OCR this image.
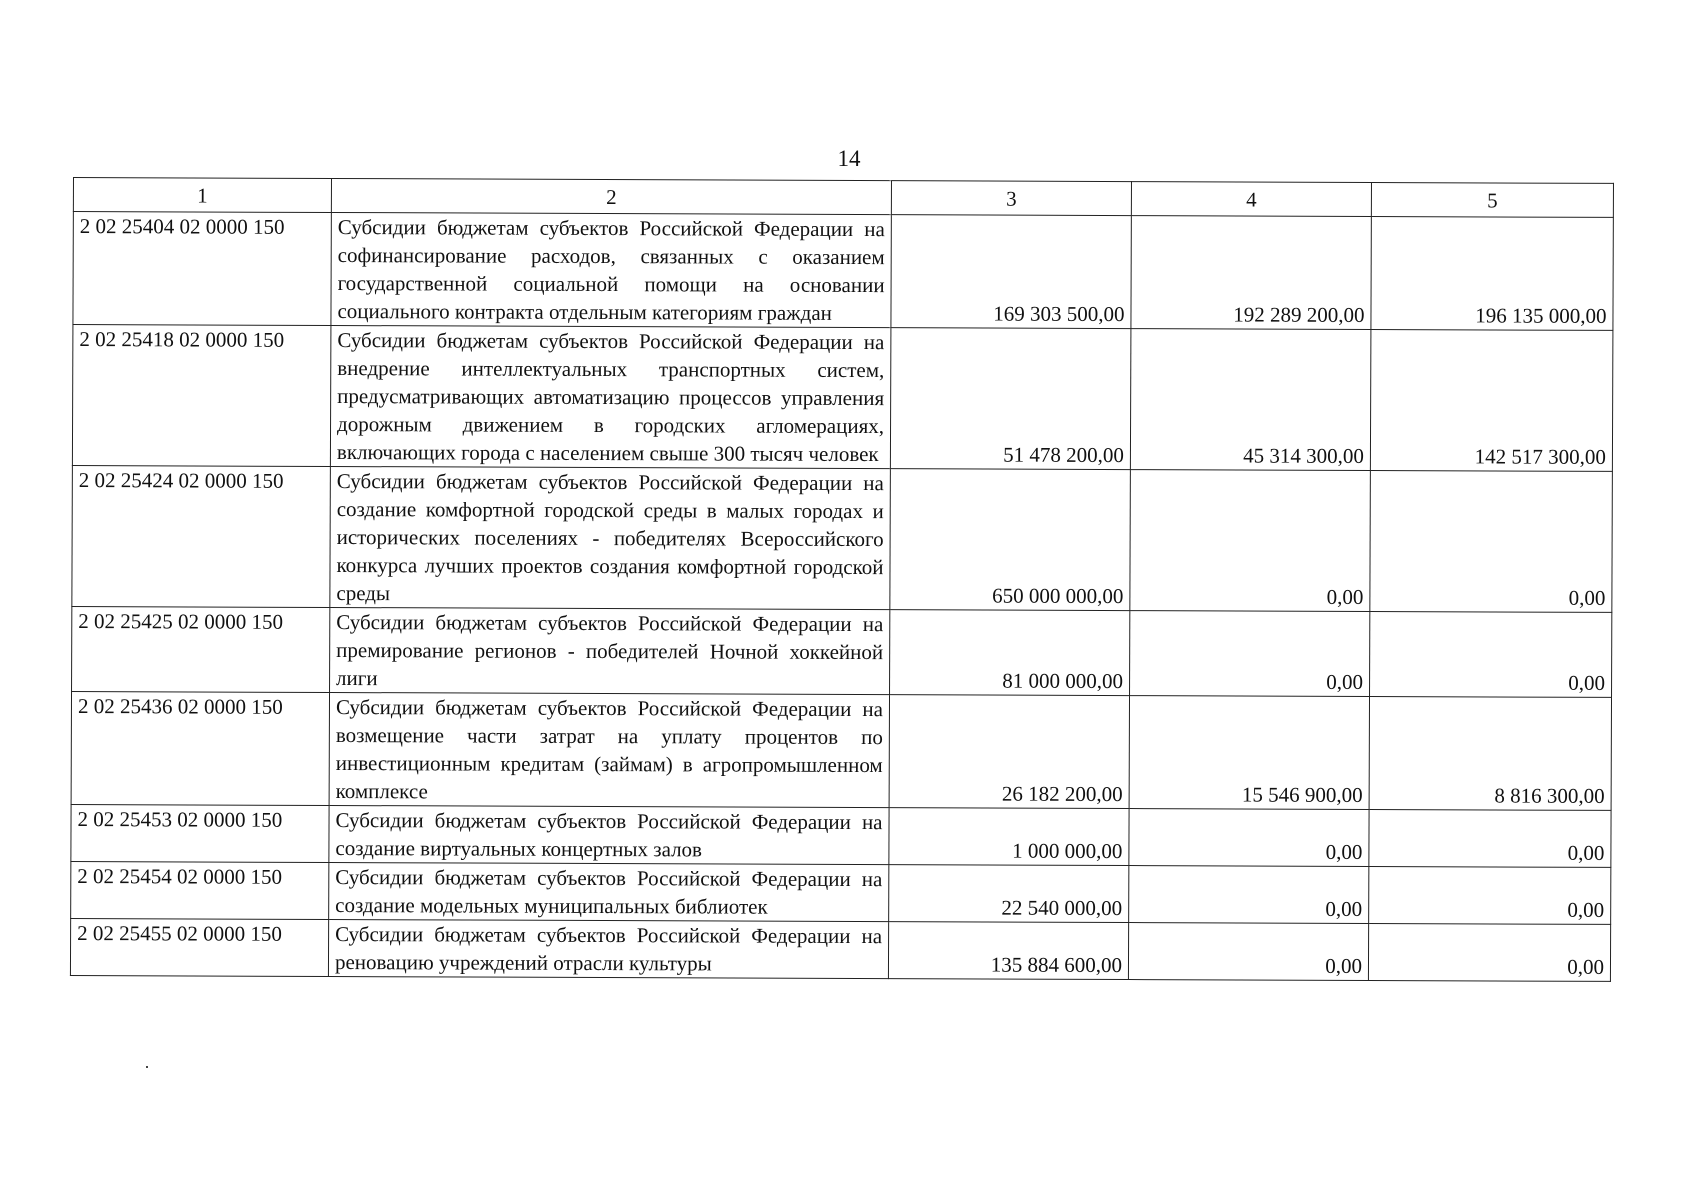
14
1	2	3	4	5
2 02 25404 02 0000 150	Субсидии бюджетам субъектов Российской Федерации на софинансирование расходов, связанных с оказанием государственной социальной помощи на основании социального контракта отдельным категориям граждан	169 303 500,00	192 289 200,00	196 135 000,00
2 02 25418 02 0000 150	Субсидии бюджетам субъектов Российской Федерации на внедрение интеллектуальных транспортных систем, предусматривающих автоматизацию процессов управления дорожным движением в городских агломерациях, включающих города с населением свыше 300 тысяч человек	51 478 200,00	45 314 300,00	142 517 300,00
2 02 25424 02 0000 150	Субсидии бюджетам субъектов Российской Федерации на создание комфортной городской среды в малых городах и исторических поселениях - победителях Всероссийского конкурса лучших проектов создания комфортной городской среды	650 000 000,00	0,00	0,00
2 02 25425 02 0000 150	Субсидии бюджетам субъектов Российской Федерации на премирование регионов - победителей Ночной хоккейной лиги	81 000 000,00	0,00	0,00
2 02 25436 02 0000 150	Субсидии бюджетам субъектов Российской Федерации на возмещение части затрат на уплату процентов по инвестиционным кредитам (займам) в агропромышленном комплексе	26 182 200,00	15 546 900,00	8 816 300,00
2 02 25453 02 0000 150	Субсидии бюджетам субъектов Российской Федерации на создание виртуальных концертных залов	1 000 000,00	0,00	0,00
2 02 25454 02 0000 150	Субсидии бюджетам субъектов Российской Федерации на создание модельных муниципальных библиотек	22 540 000,00	0,00	0,00
2 02 25455 02 0000 150	Субсидии бюджетам субъектов Российской Федерации на реновацию учреждений отрасли культуры	135 884 600,00	0,00	0,00
